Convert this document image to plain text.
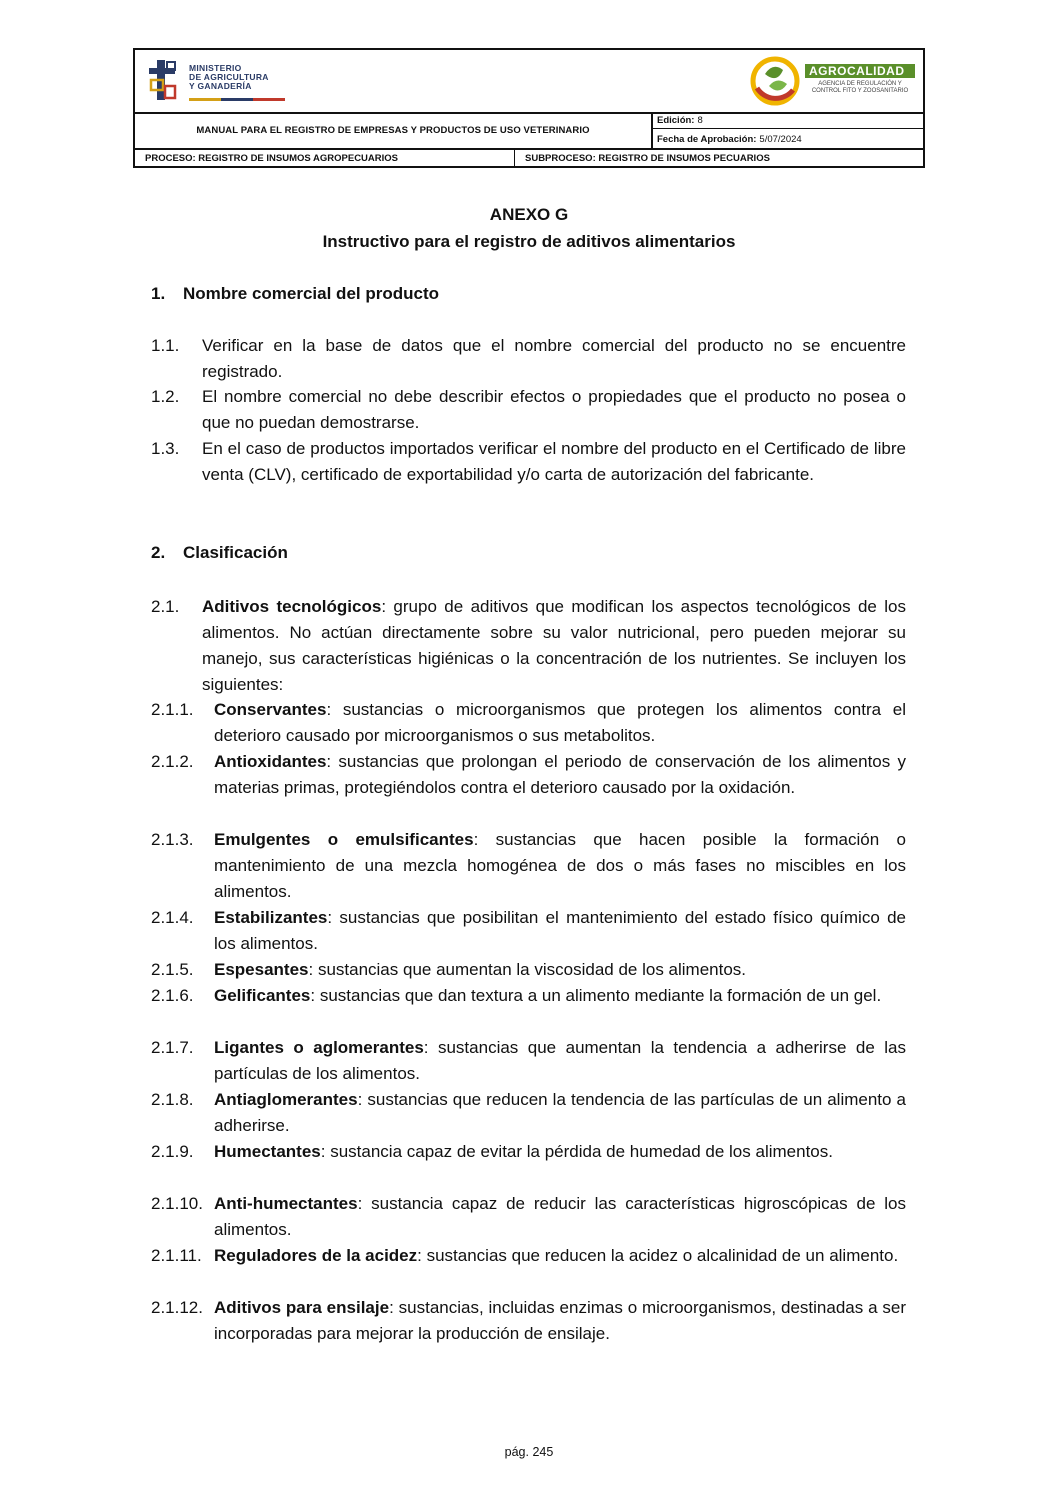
MINISTERIO
DE AGRICULTURA
Y GANADERÍA
AGROCALIDAD
AGENCIA DE REGULACIÓN Y CONTROL FITO Y ZOOSANITARIO
MANUAL PARA EL REGISTRO DE EMPRESAS Y PRODUCTOS DE USO VETERINARIO
Edición: 8
Fecha de Aprobación: 5/07/2024
PROCESO: REGISTRO DE INSUMOS AGROPECUARIOS	SUBPROCESO: REGISTRO DE INSUMOS PECUARIOS
ANEXO G
Instructivo para el registro de aditivos alimentarios
1. Nombre comercial del producto
1.1.	Verificar en la base de datos que el nombre comercial del producto no se encuentre registrado.
1.2.	El nombre comercial no debe describir efectos o propiedades que el producto no posea o que no puedan demostrarse.
1.3.	En el caso de productos importados verificar el nombre del producto en el Certificado de libre venta (CLV), certificado de exportabilidad y/o carta de autorización del fabricante.
2. Clasificación
2.1.	Aditivos tecnológicos: grupo de aditivos que modifican los aspectos tecnológicos de los alimentos. No actúan directamente sobre su valor nutricional, pero pueden mejorar su manejo, sus características higiénicas o la concentración de los nutrientes. Se incluyen los siguientes:
2.1.1.	Conservantes: sustancias o microorganismos que protegen los alimentos contra el deterioro causado por microorganismos o sus metabolitos.
2.1.2.	Antioxidantes: sustancias que prolongan el periodo de conservación de los alimentos y materias primas, protegiéndolos contra el deterioro causado por la oxidación.
2.1.3.	Emulgentes o emulsificantes: sustancias que hacen posible la formación o mantenimiento de una mezcla homogénea de dos o más fases no miscibles en los alimentos.
2.1.4.	Estabilizantes: sustancias que posibilitan el mantenimiento del estado físico químico de los alimentos.
2.1.5.	Espesantes: sustancias que aumentan la viscosidad de los alimentos.
2.1.6.	Gelificantes: sustancias que dan textura a un alimento mediante la formación de un gel.
2.1.7.	Ligantes o aglomerantes: sustancias que aumentan la tendencia a adherirse de las partículas de los alimentos.
2.1.8.	Antiaglomerantes: sustancias que reducen la tendencia de las partículas de un alimento a adherirse.
2.1.9.	Humectantes: sustancia capaz de evitar la pérdida de humedad de los alimentos.
2.1.10. Anti-humectantes: sustancia capaz de reducir las características higroscópicas de los alimentos.
2.1.11. Reguladores de la acidez: sustancias que reducen la acidez o alcalinidad de un alimento.
2.1.12. Aditivos para ensilaje: sustancias, incluidas enzimas o microorganismos, destinadas a ser incorporadas para mejorar la producción de ensilaje.
pág. 245
